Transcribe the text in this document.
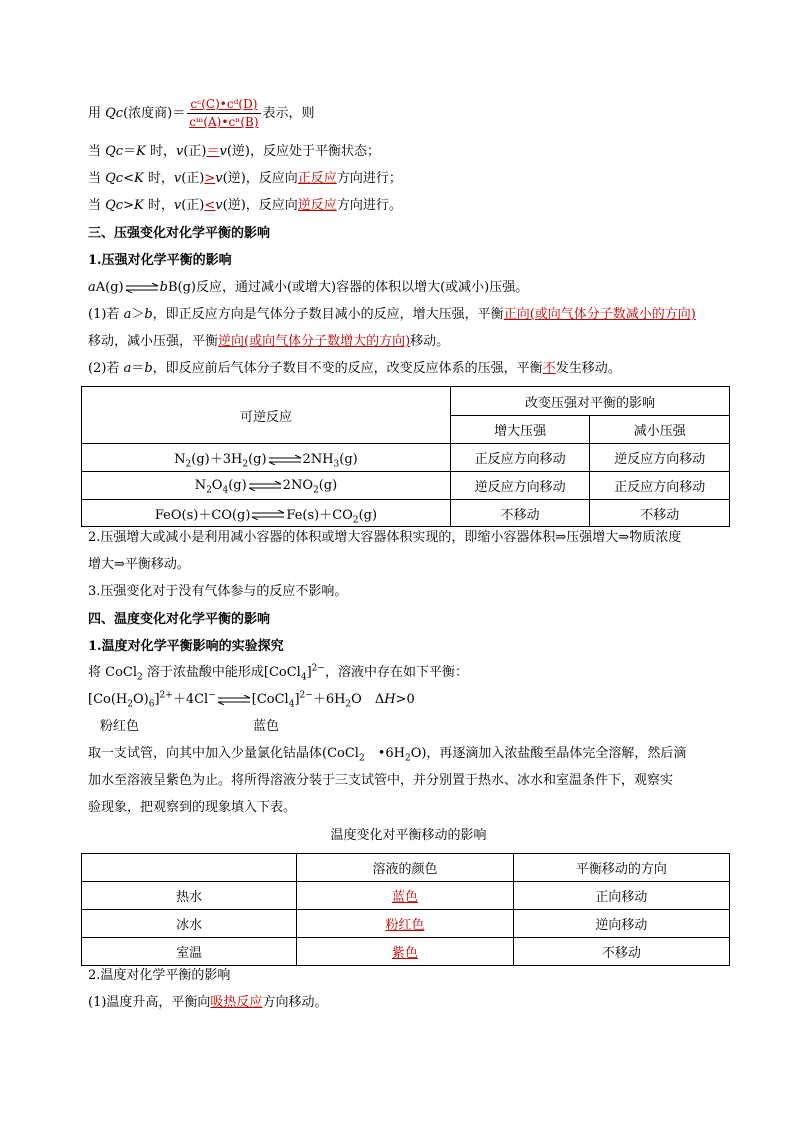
用 Qc(浓度商)＝ $\frac{\text{cᶜ(C)•cᵈ(D)}}{\text{cᵐ(A)•cⁿ(B)}}$ 表示，则
当 Qc＝K 时，v(正)＝v(逆)，反应处于平衡状态；
当 Qc<K 时，v(正)>v(逆)，反应向正反应方向进行；
当 Qc>K 时，v(正)<v(逆)，反应向逆反应方向进行。
三、压强变化对化学平衡的影响
1.压强对化学平衡的影响
aA(g)⇌bB(g)反应，通过减小(或增大)容器的体积以增大(或减小)压强。
(1)若 a＞b，即正反应方向是气体分子数目减小的反应，增大压强，平衡正向(或向气体分子数减小的方向)
移动，减小压强，平衡逆向(或向气体分子数增大的方向)移动。
(2)若 a＝b，即反应前后气体分子数目不变的反应，改变反应体系的压强，平衡不发生移动。
可逆反应	改变压强对平衡的影响	
	增大压强	减小压强
$N_2(g)+3H_2(g)\rightleftharpoons 2NH_3(g)$	正反应方向移动	逆反应方向移动
$N_2O_4(g)\rightleftharpoons 2NO_2(g)$	逆反应方向移动	正反应方向移动
$FeO(s)+CO(g)\rightleftharpoons Fe(s)+CO_2(g)$	不移动	不移动
2.压强增大或减小是利用减小容器的体积或增大容器体积实现的，即缩小容器体积⇒压强增大⇒物质浓度
增大⇒平衡移动。
3.压强变化对于没有气体参与的反应不影响。
四、温度变化对化学平衡的影响
1.温度对化学平衡影响的实验探究
将 CoCl$_2$ 溶于浓盐酸中能形成[CoCl$_4$]$^{2-}$，溶液中存在如下平衡：
$[Co(H_2O)_6]^{2+}+4Cl^-\rightleftharpoons[CoCl_4]^{2-}+6H_2O$　ΔH>0
粉红色	蓝色
取一支试管，向其中加入少量氯化钴晶体(CoCl$_2$　$•6H_2O$)，再逐滴加入浓盐酸至晶体完全溶解，然后滴
加水至溶液呈紫色为止。将所得溶液分装于三支试管中，并分别置于热水、冰水和室温条件下，观察实
验现象，把观察到的现象填入下表。
温度变化对平衡移动的影响
	溶液的颜色	平衡移动的方向
热水	蓝色	正向移动
冰水	粉红色	逆向移动
室温	紫色	不移动
2.温度对化学平衡的影响
(1)温度升高，平衡向吸热反应方向移动。
